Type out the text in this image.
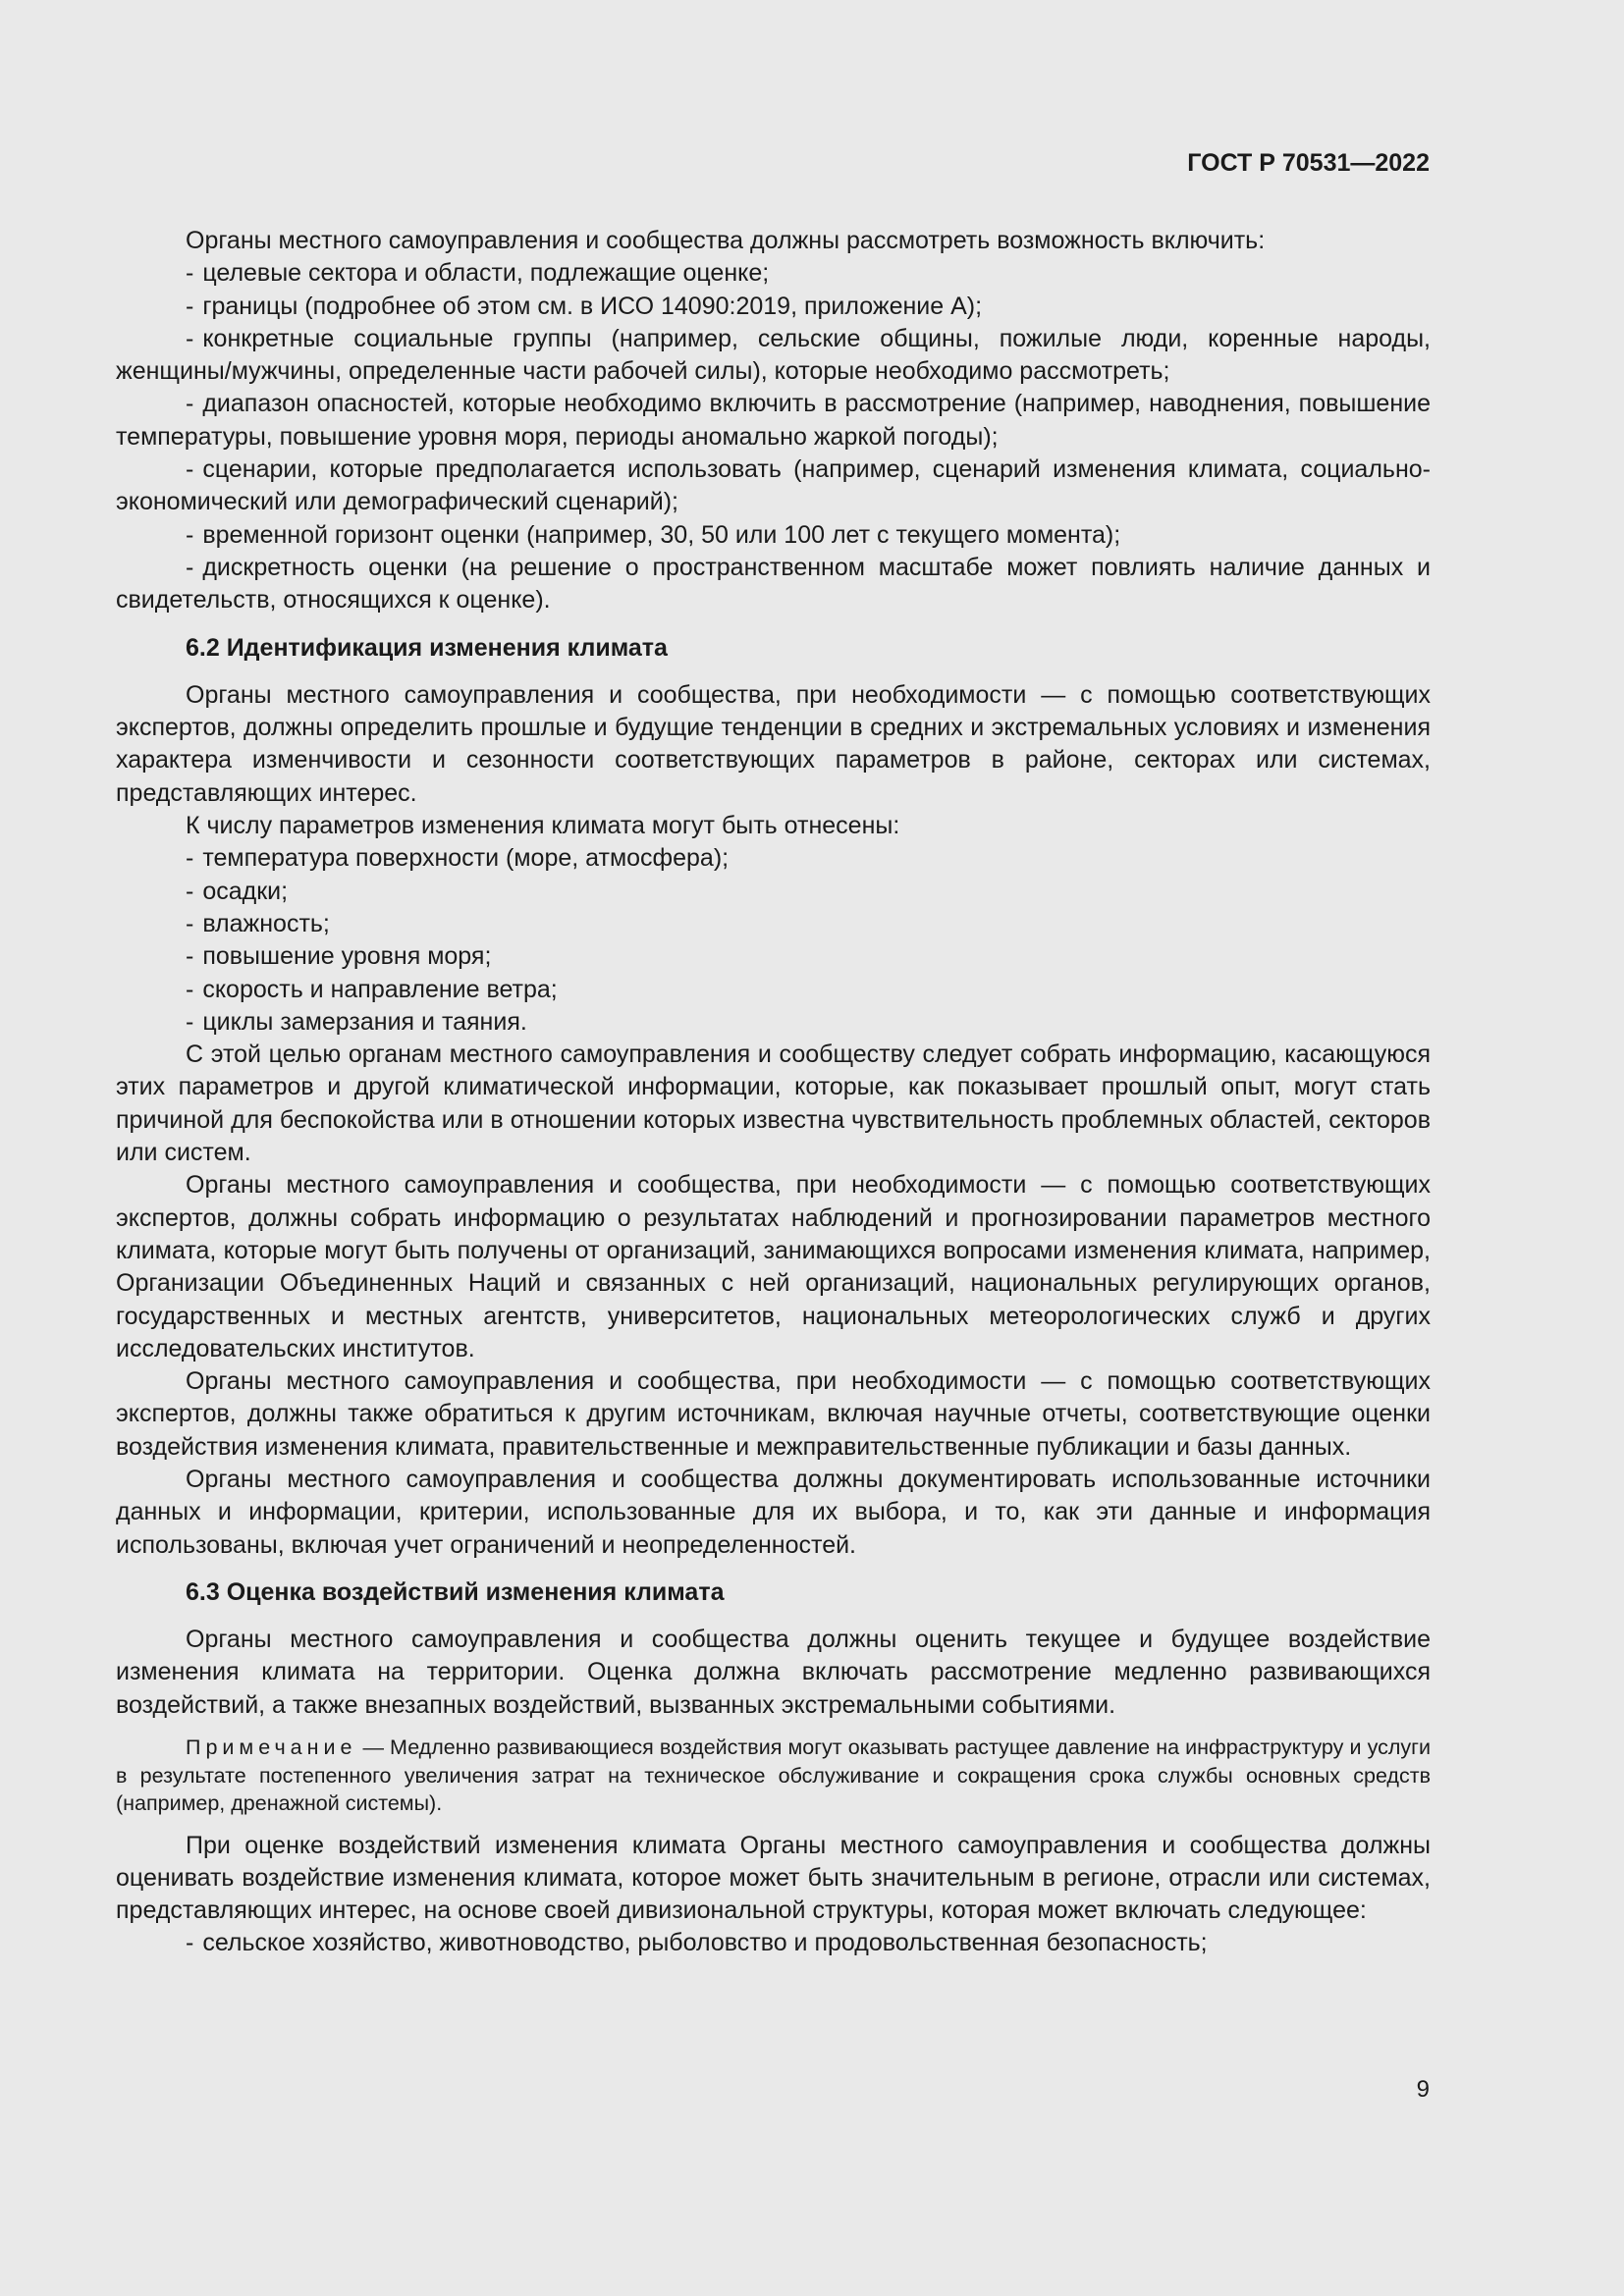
ГОСТ Р 70531—2022

Органы местного самоуправления и сообщества должны рассмотреть возможность включить:

- целевые сектора и области, подлежащие оценке;

- границы (подробнее об этом см. в ИСО 14090:2019, приложение А);

- конкретные социальные группы (например, сельские общины, пожилые люди, коренные народы, женщины/мужчины, определенные части рабочей силы), которые необходимо рассмотреть;

- диапазон опасностей, которые необходимо включить в рассмотрение (например, наводнения, повышение температуры, повышение уровня моря, периоды аномально жаркой погоды);

- сценарии, которые предполагается использовать (например, сценарий изменения климата, социально-экономический или демографический сценарий);

- временной горизонт оценки (например, 30, 50 или 100 лет с текущего момента);

- дискретность оценки (на решение о пространственном масштабе может повлиять наличие данных и свидетельств, относящихся к оценке).

6.2 Идентификация изменения климата

Органы местного самоуправления и сообщества, при необходимости — с помощью соответствующих экспертов, должны определить прошлые и будущие тенденции в средних и экстремальных условиях и изменения характера изменчивости и сезонности соответствующих параметров в районе, секторах или системах, представляющих интерес.

К числу параметров изменения климата могут быть отнесены:

- температура поверхности (море, атмосфера);

- осадки;

- влажность;

- повышение уровня моря;

- скорость и направление ветра;

- циклы замерзания и таяния.

С этой целью органам местного самоуправления и сообществу следует собрать информацию, касающуюся этих параметров и другой климатической информации, которые, как показывает прошлый опыт, могут стать причиной для беспокойства или в отношении которых известна чувствительность проблемных областей, секторов или систем.

Органы местного самоуправления и сообщества, при необходимости — с помощью соответствующих экспертов, должны собрать информацию о результатах наблюдений и прогнозировании параметров местного климата, которые могут быть получены от организаций, занимающихся вопросами изменения климата, например, Организации Объединенных Наций и связанных с ней организаций, национальных регулирующих органов, государственных и местных агентств, университетов, национальных метеорологических служб и других исследовательских институтов.

Органы местного самоуправления и сообщества, при необходимости — с помощью соответствующих экспертов, должны также обратиться к другим источникам, включая научные отчеты, соответствующие оценки воздействия изменения климата, правительственные и межправительственные публикации и базы данных.

Органы местного самоуправления и сообщества должны документировать использованные источники данных и информации, критерии, использованные для их выбора, и то, как эти данные и информация использованы, включая учет ограничений и неопределенностей.

6.3 Оценка воздействий изменения климата

Органы местного самоуправления и сообщества должны оценить текущее и будущее воздействие изменения климата на территории. Оценка должна включать рассмотрение медленно развивающихся воздействий, а также внезапных воздействий, вызванных экстремальными событиями.

Примечание — Медленно развивающиеся воздействия могут оказывать растущее давление на инфраструктуру и услуги в результате постепенного увеличения затрат на техническое обслуживание и сокращения срока службы основных средств (например, дренажной системы).

При оценке воздействий изменения климата Органы местного самоуправления и сообщества должны оценивать воздействие изменения климата, которое может быть значительным в регионе, отрасли или системах, представляющих интерес, на основе своей дивизиональной структуры, которая может включать следующее:

- сельское хозяйство, животноводство, рыболовство и продовольственная безопасность;

9
